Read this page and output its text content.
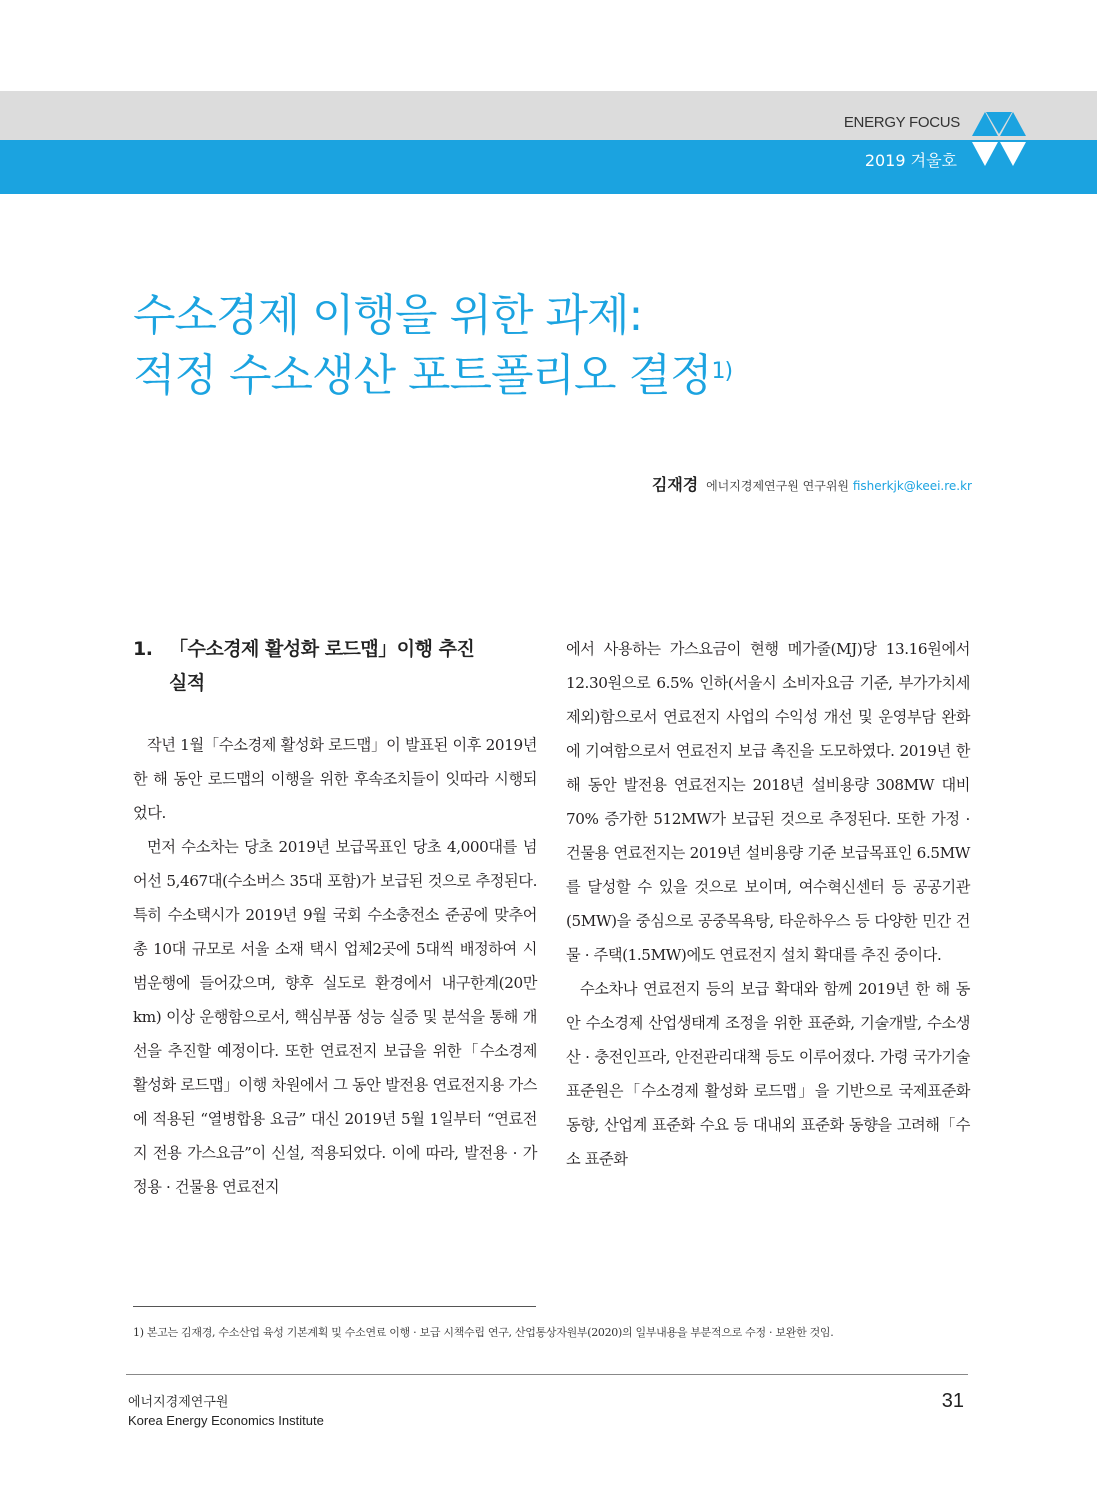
ENERGY FOCUS
2019 겨울호
수소경제 이행을 위한 과제:
적정 수소생산 포트폴리오 결정$^{1)}$
김재경 에너지경제연구원 연구위원 fisherkjk@keei.re.kr
1. 「수소경제 활성화 로드맵」이행 추진
실적

작년 1월「수소경제 활성화 로드맵」이 발표된 이후 2019년 한 해 동안 로드맵의 이행을 위한 후속조치들이 잇따라 시행되었다.

먼저 수소차는 당초 2019년 보급목표인 당초 4,000대를 넘어선 5,467대(수소버스 35대 포함)가 보급된 것으로 추정된다. 특히 수소택시가 2019년 9월 국회 수소충전소 준공에 맞추어 총 10대 규모로 서울 소재 택시 업체2곳에 5대씩 배정하여 시범운행에 들어갔으며, 향후 실도로 환경에서 내구한계(20만km) 이상 운행함으로서, 핵심부품 성능 실증 및 분석을 통해 개선을 추진할 예정이다. 또한 연료전지 보급을 위한「수소경제 활성화 로드맵」이행 차원에서 그 동안 발전용 연료전지용 가스에 적용된 “열병합용 요금” 대신 2019년 5월 1일부터 “연료전지 전용 가스요금”이 신설, 적용되었다. 이에 따라, 발전용 · 가정용 · 건물용 연료전지

에서 사용하는 가스요금이 현행 메가줄(MJ)당 13.16원에서 12.30원으로 6.5% 인하(서울시 소비자요금 기준, 부가가치세 제외)함으로서 연료전지 사업의 수익성 개선 및 운영부담 완화에 기여함으로서 연료전지 보급 촉진을 도모하였다. 2019년 한 해 동안 발전용 연료전지는 2018년 설비용량 308MW 대비 70% 증가한 512MW가 보급된 것으로 추정된다. 또한 가정 · 건물용 연료전지는 2019년 설비용량 기준 보급목표인 6.5MW를 달성할 수 있을 것으로 보이며, 여수혁신센터 등 공공기관(5MW)을 중심으로 공중목욕탕, 타운하우스 등 다양한 민간 건물 · 주택(1.5MW)에도 연료전지 설치 확대를 추진 중이다.

수소차나 연료전지 등의 보급 확대와 함께 2019년 한 해 동안 수소경제 산업생태계 조정을 위한 표준화, 기술개발, 수소생산 · 충전인프라, 안전관리대책 등도 이루어졌다. 가령 국가기술표준원은「수소경제 활성화 로드맵」을 기반으로 국제표준화 동향, 산업계 표준화 수요 등 대내외 표준화 동향을 고려해「수소 표준화

1) 본고는 김재경, 수소산업 육성 기본계획 및 수소연료 이행 · 보급 시책수립 연구, 산업통상자원부(2020)의 일부내용을 부분적으로 수정 · 보완한 것임.
에너지경제연구원
Korea Energy Economics Institute
31
